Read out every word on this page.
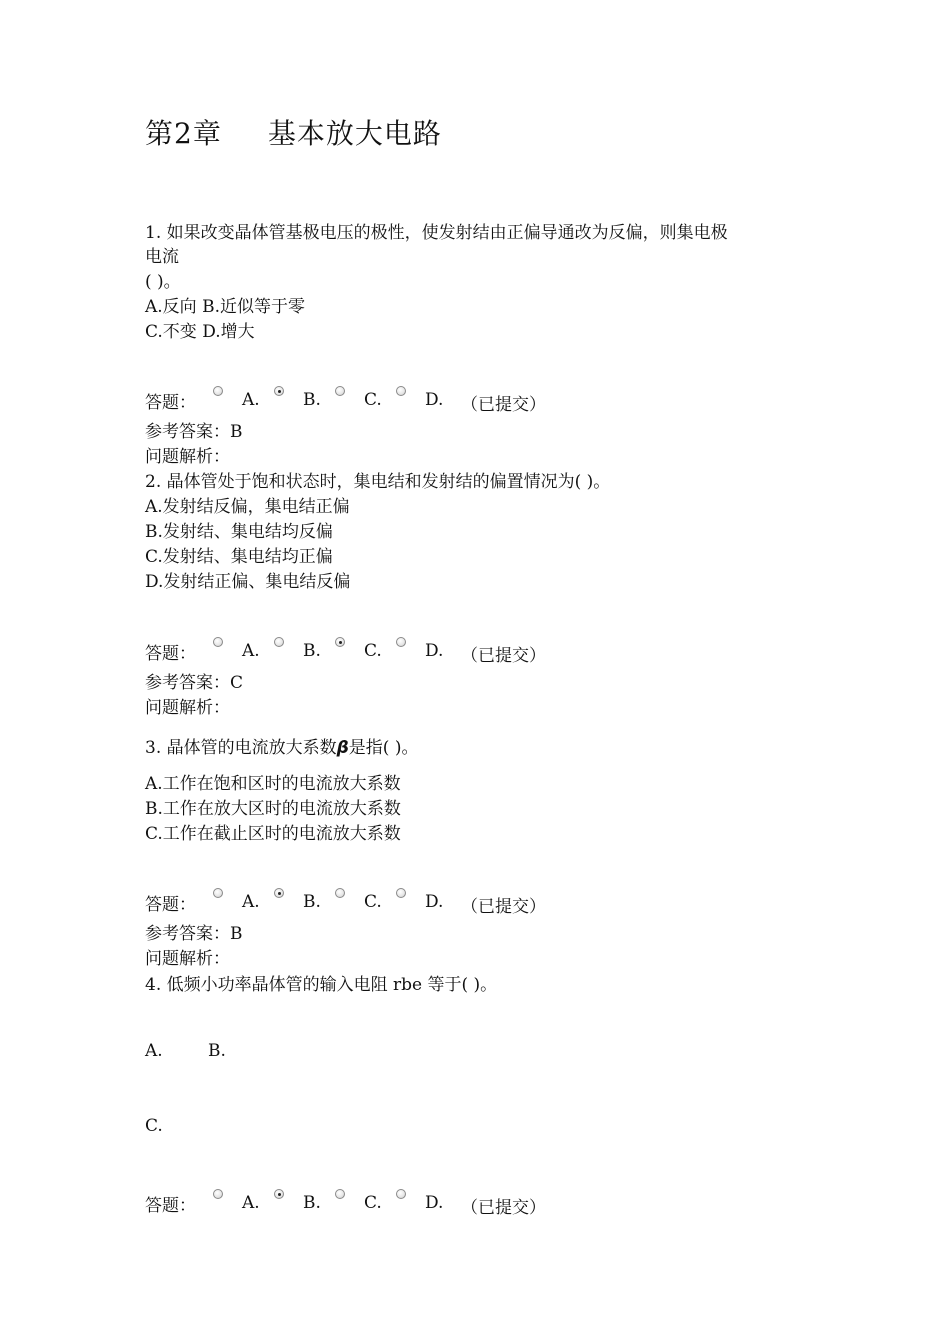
第2章 基本放大电路
1. 如果改变晶体管基极电压的极性，使发射结由正偏导通改为反偏，则集电极
电流
( )。
A.反向 B.近似等于零
C.不变 D.增大
答题：	A.	B.	C.	D. （已提交）
参考答案：B
问题解析：
2. 晶体管处于饱和状态时，集电结和发射结的偏置情况为( )。
A.发射结反偏，集电结正偏
B.发射结、集电结均反偏
C.发射结、集电结均正偏
D.发射结正偏、集电结反偏
答题：	A.	B.	C.	D. （已提交）
参考答案：C
问题解析：
3. 晶体管的电流放大系数β是指( )。
A.工作在饱和区时的电流放大系数
B.工作在放大区时的电流放大系数
C.工作在截止区时的电流放大系数
答题：	A.	B.	C.	D. （已提交）
参考答案：B
问题解析：
4. 低频小功率晶体管的输入电阻 rbe 等于( )。
A.	B.
C.
答题：	A.	B.	C.	D. （已提交）
